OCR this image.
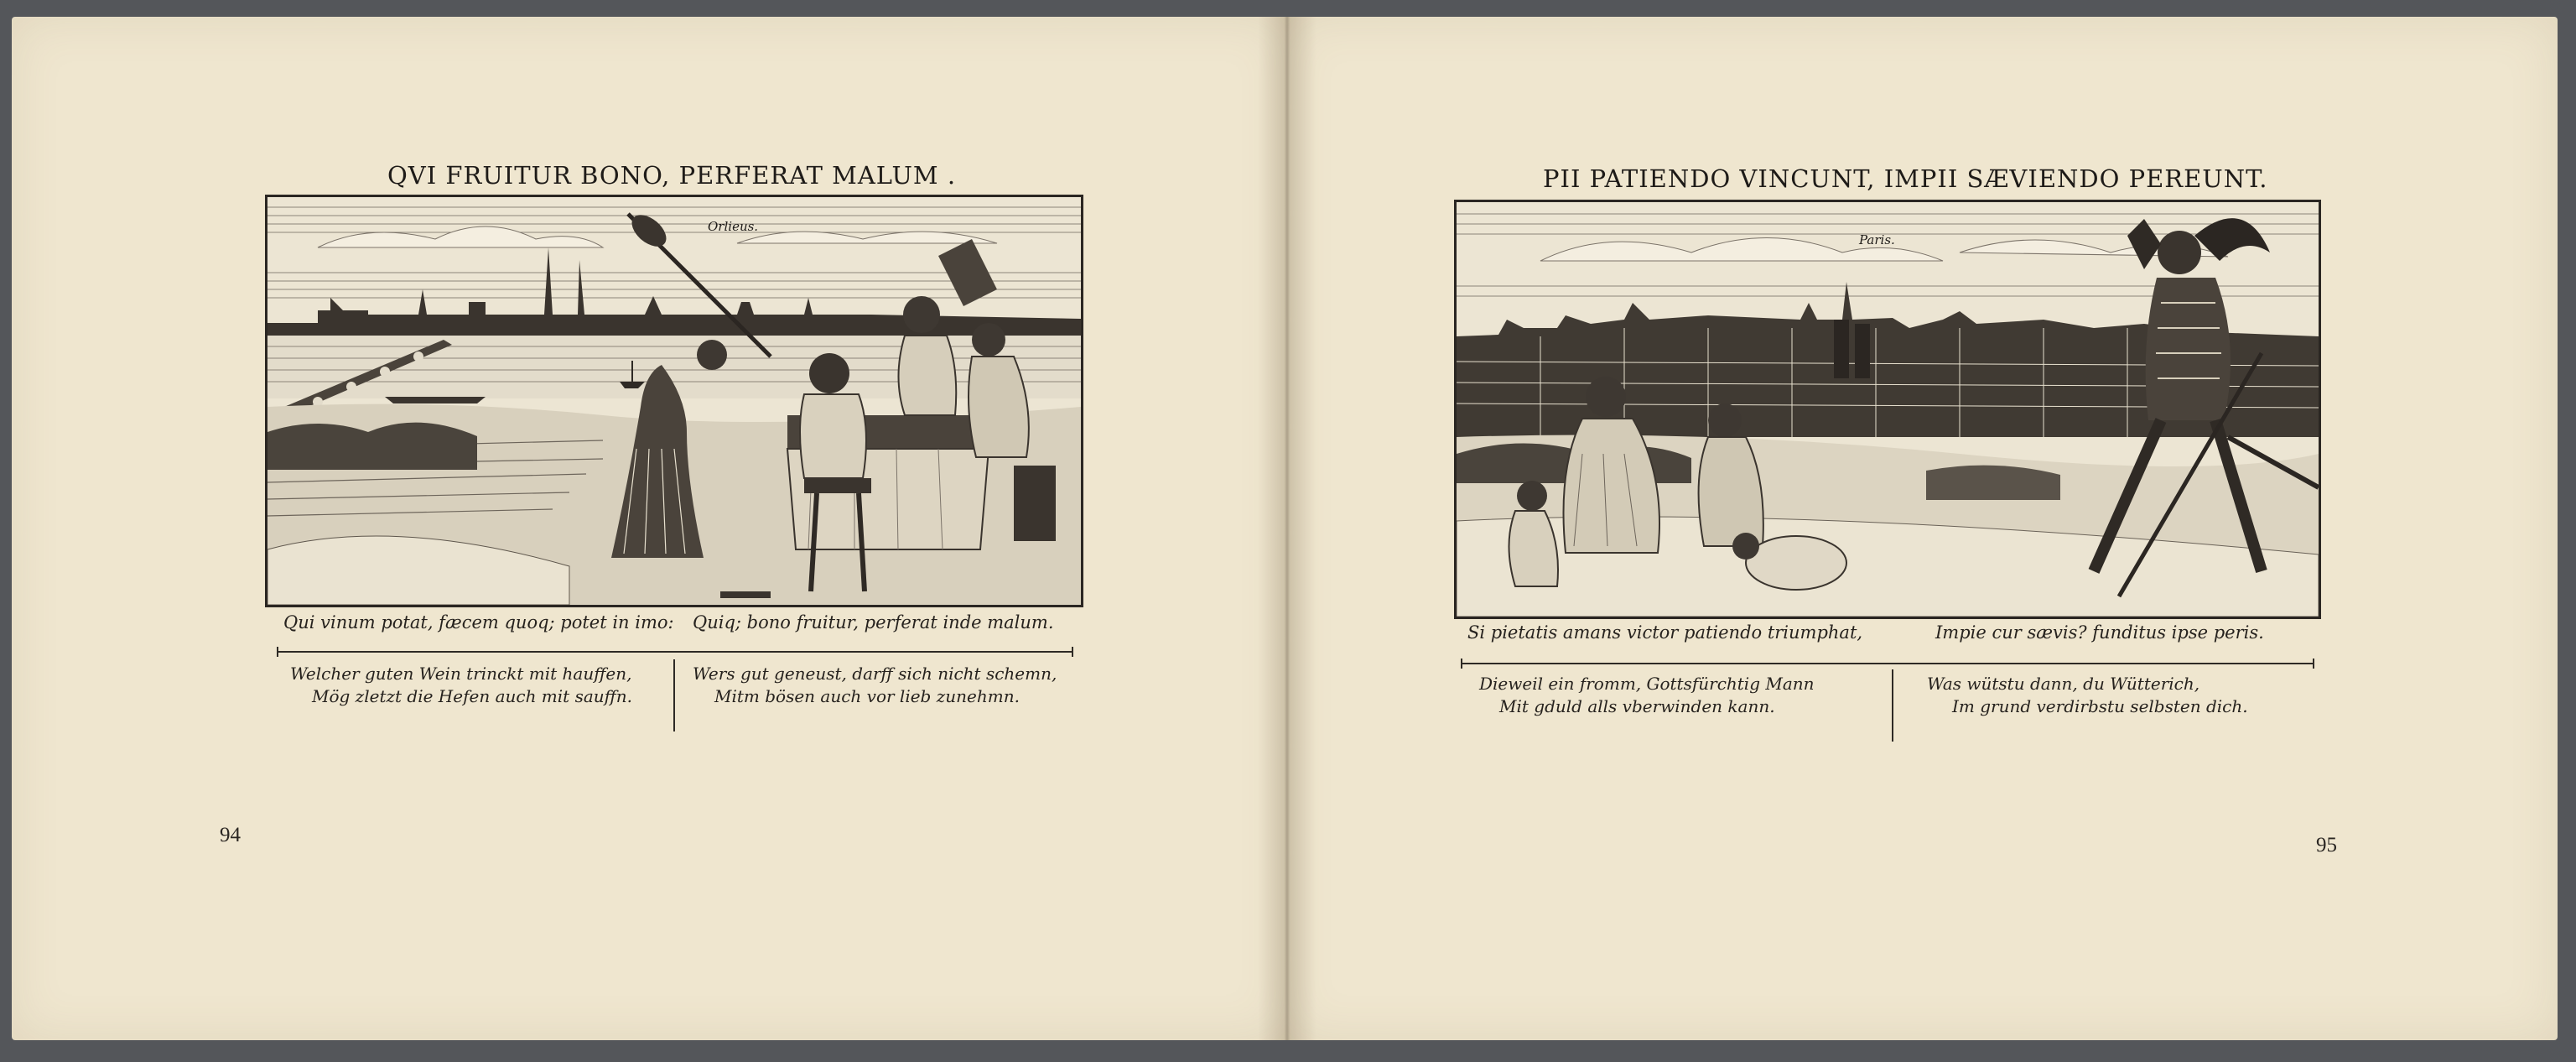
QVI FRUITUR BONO, PERFERAT MALUM .
Orlieus.

Qui vinum potat, fæcem quoq; potet in imo: Quiq; bono fruitur, perferat inde malum.

Welcher guten Wein trinckt mit hauffen,
Mög zletzt die Hefen auch mit sauffn.

Wers gut geneust, darff sich nicht schemn,
Mitm bösen auch vor lieb zunehmn.

94
PII PATIENDO VINCUNT, IMPII SÆVIENDO PEREUNT.
Paris.

Si pietatis amans victor patiendo triumphat,	Impie cur sævis? funditus ipse peris.

Dieweil ein fromm, Gottsfürchtig Mann
Mit gduld alls vberwinden kann.

Was wütstu dann, du Wütterich,
Im grund verdirbstu selbsten dich.

95
